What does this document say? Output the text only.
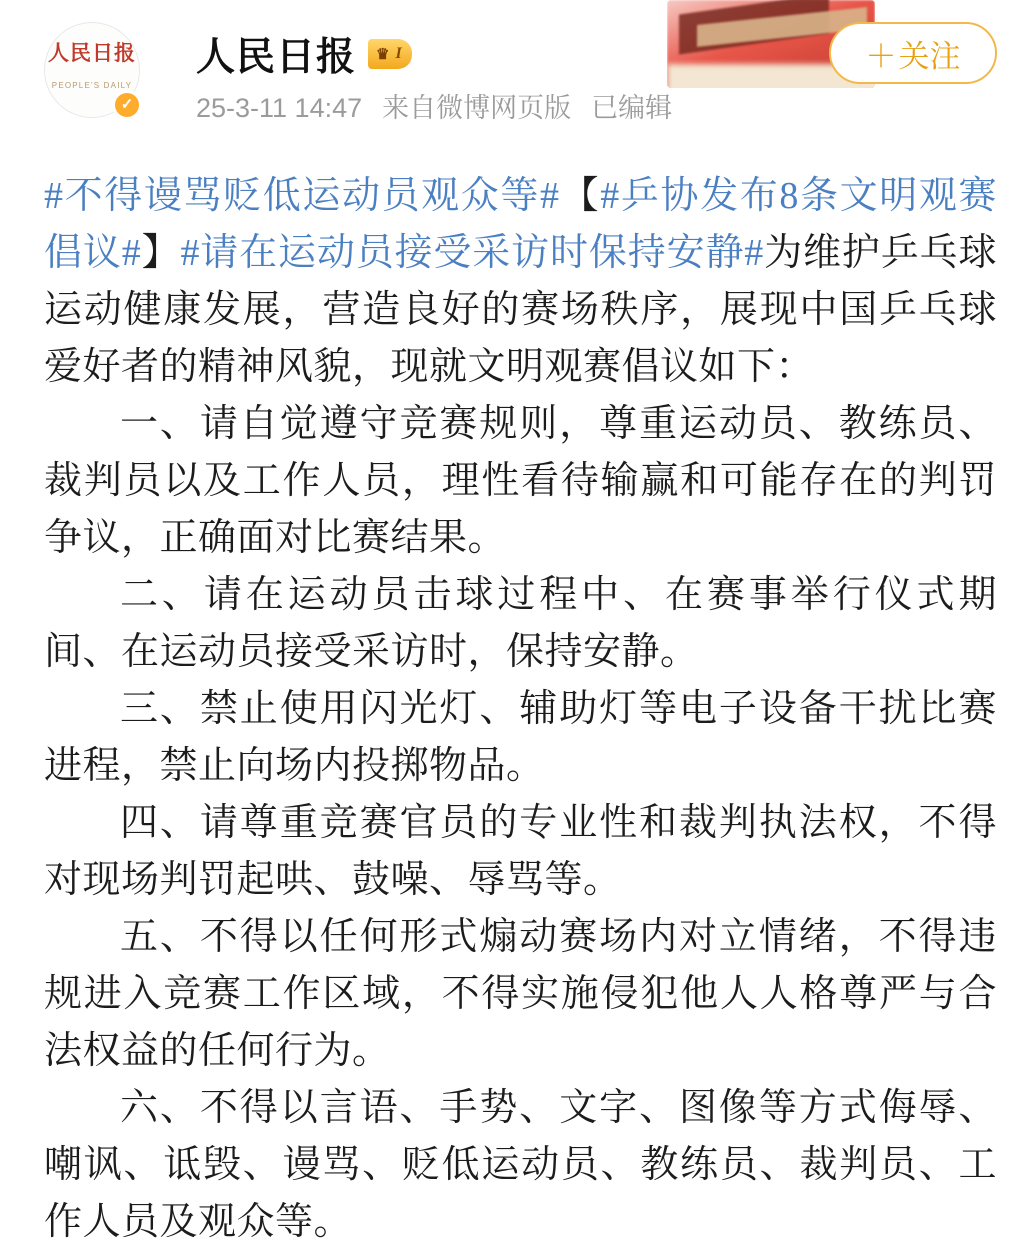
人民日报
PEOPLE'S DAILY
✓
人民日报 ♛ I
25-3-11 14:47 来自微博网页版 已编辑
＋ 关注

#不得谩骂贬低运动员观众等#【#乒协发布8条文明观赛倡议#】#请在运动员接受采访时保持安静#为维护乒乓球运动健康发展，营造良好的赛场秩序，展现中国乒乓球爱好者的精神风貌，现就文明观赛倡议如下：

一、请自觉遵守竞赛规则，尊重运动员、教练员、裁判员以及工作人员，理性看待输赢和可能存在的判罚争议，正确面对比赛结果。

二、请在运动员击球过程中、在赛事举行仪式期间、在运动员接受采访时，保持安静。

三、禁止使用闪光灯、辅助灯等电子设备干扰比赛进程，禁止向场内投掷物品。

四、请尊重竞赛官员的专业性和裁判执法权，不得对现场判罚起哄、鼓噪、辱骂等。

五、不得以任何形式煽动赛场内对立情绪，不得违规进入竞赛工作区域，不得实施侵犯他人人格尊严与合法权益的任何行为。

六、不得以言语、手势、文字、图像等方式侮辱、嘲讽、诋毁、谩骂、贬低运动员、教练员、裁判员、工作人员及观众等。
